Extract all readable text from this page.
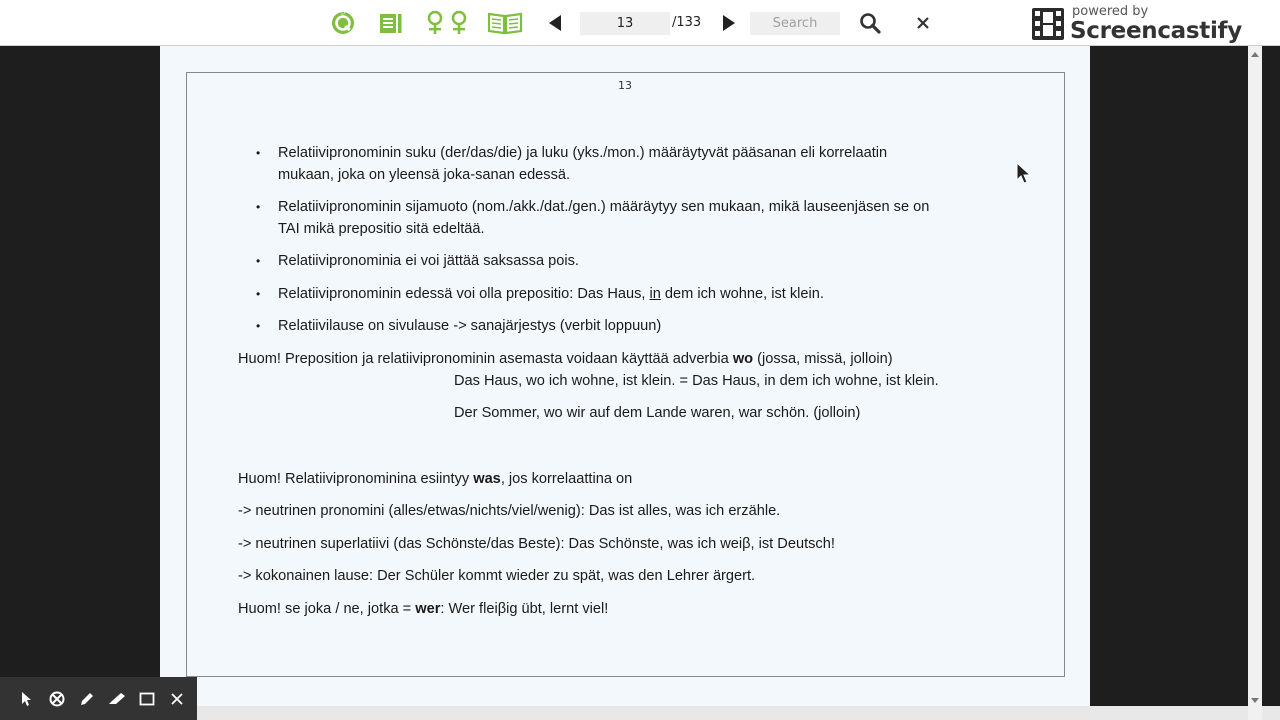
D
13
/133
Search
powered by
Screencastify
13
• Relatiivipronominin suku (der/das/die) ja luku (yks./mon.) määräytyvät pääsanan eli korrelaatin
mukaan, joka on yleensä joka-sanan edessä.
• Relatiivipronominin sijamuoto (nom./akk./dat./gen.) määräytyy sen mukaan, mikä lauseenjäsen se on
TAI mikä prepositio sitä edeltää.
• Relatiivipronominia ei voi jättää saksassa pois.
• Relatiivipronominin edessä voi olla prepositio: Das Haus, in dem ich wohne, ist klein.
• Relatiivilause on sivulause -> sanajärjestys (verbit loppuun)
Huom! Preposition ja relatiivipronominin asemasta voidaan käyttää adverbia wo (jossa, missä, jolloin)
Das Haus, wo ich wohne, ist klein. = Das Haus, in dem ich wohne, ist klein.
Der Sommer, wo wir auf dem Lande waren, war schön. (jolloin)
Huom! Relatiivipronominina esiintyy was, jos korrelaattina on
-> neutrinen pronomini (alles/etwas/nichts/viel/wenig): Das ist alles, was ich erzähle.
-> neutrinen superlatiivi (das Schönste/das Beste): Das Schönste, was ich weiβ, ist Deutsch!
-> kokonainen lause: Der Schüler kommt wieder zu spät, was den Lehrer ärgert.
Huom! se joka / ne, jotka = wer: Wer fleiβig übt, lernt viel!
